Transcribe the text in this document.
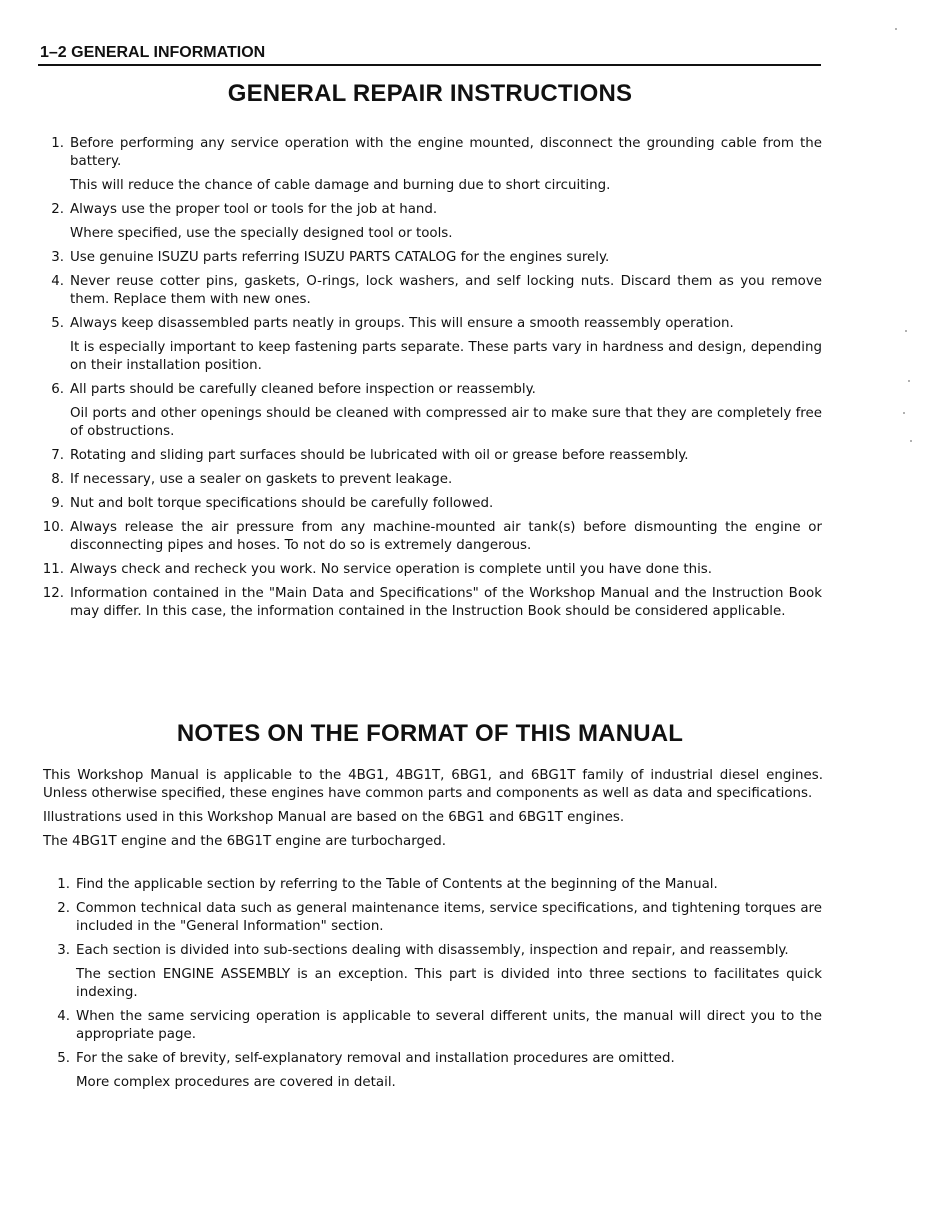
1–2 GENERAL INFORMATION
GENERAL REPAIR INSTRUCTIONS
1. Before performing any service operation with the engine mounted, disconnect the grounding cable from the battery.

This will reduce the chance of cable damage and burning due to short circuiting.

2. Always use the proper tool or tools for the job at hand.

Where specified, use the specially designed tool or tools.

3. Use genuine ISUZU parts referring ISUZU PARTS CATALOG for the engines surely.

4. Never reuse cotter pins, gaskets, O-rings, lock washers, and self locking nuts. Discard them as you remove them. Replace them with new ones.

5. Always keep disassembled parts neatly in groups. This will ensure a smooth reassembly operation.

It is especially important to keep fastening parts separate. These parts vary in hardness and design, depending on their installation position.

6. All parts should be carefully cleaned before inspection or reassembly.

Oil ports and other openings should be cleaned with compressed air to make sure that they are completely free of obstructions.

7. Rotating and sliding part surfaces should be lubricated with oil or grease before reassembly.

8. If necessary, use a sealer on gaskets to prevent leakage.

9. Nut and bolt torque specifications should be carefully followed.

10. Always release the air pressure from any machine-mounted air tank(s) before dismounting the engine or disconnecting pipes and hoses. To not do so is extremely dangerous.

11. Always check and recheck you work. No service operation is complete until you have done this.

12. Information contained in the "Main Data and Specifications" of the Workshop Manual and the Instruction Book may differ. In this case, the information contained in the Instruction Book should be considered applicable.

NOTES ON THE FORMAT OF THIS MANUAL

This Workshop Manual is applicable to the 4BG1, 4BG1T, 6BG1, and 6BG1T family of industrial diesel engines. Unless otherwise specified, these engines have common parts and components as well as data and specifications.

Illustrations used in this Workshop Manual are based on the 6BG1 and 6BG1T engines.

The 4BG1T engine and the 6BG1T engine are turbocharged.

1. Find the applicable section by referring to the Table of Contents at the beginning of the Manual.

2. Common technical data such as general maintenance items, service specifications, and tightening torques are included in the "General Information" section.

3. Each section is divided into sub-sections dealing with disassembly, inspection and repair, and reassembly.

The section ENGINE ASSEMBLY is an exception. This part is divided into three sections to facilitates quick indexing.

4. When the same servicing operation is applicable to several different units, the manual will direct you to the appropriate page.

5. For the sake of brevity, self-explanatory removal and installation procedures are omitted.

More complex procedures are covered in detail.
